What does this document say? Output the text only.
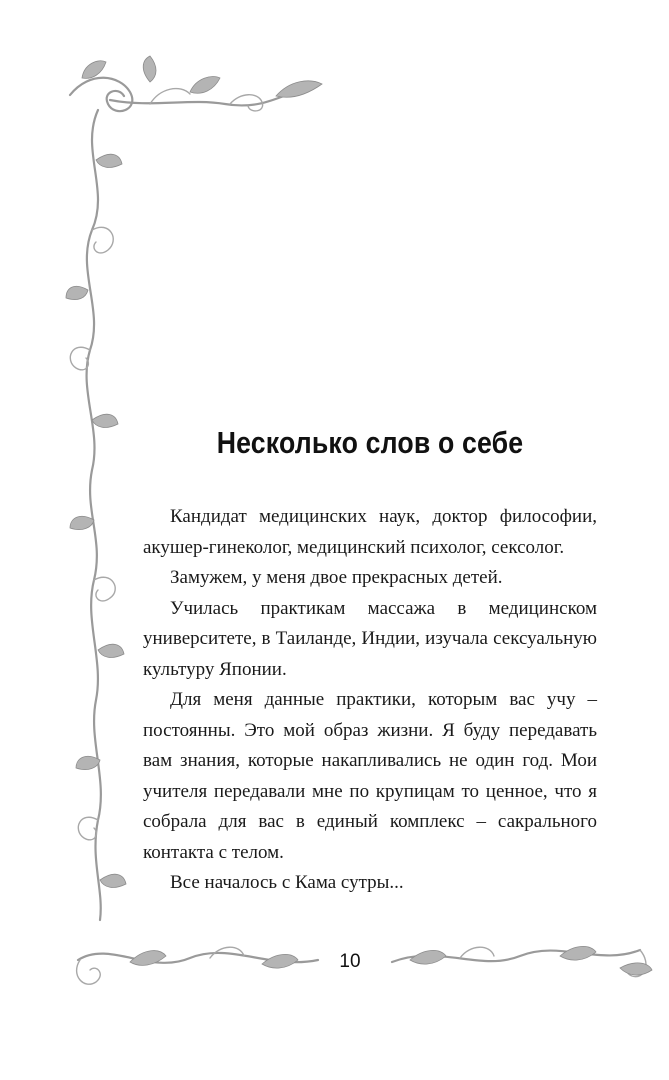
Несколько слов о себе

Кандидат медицинских наук, доктор философии, акушер-гинеколог, медицинский психолог, сексолог.

Замужем, у меня двое прекрасных детей.

Училась практикам массажа в медицинском университете, в Таиланде, Индии, изучала сексуальную культуру Японии.

Для меня данные практики, которым вас учу – постоянны. Это мой образ жизни. Я буду передавать вам знания, которые накапливались не один год. Мои учителя передавали мне по крупицам то ценное, что я собрала для вас в единый комплекс – сакрального контакта с телом.

Все началось с Кама сутры...

10
